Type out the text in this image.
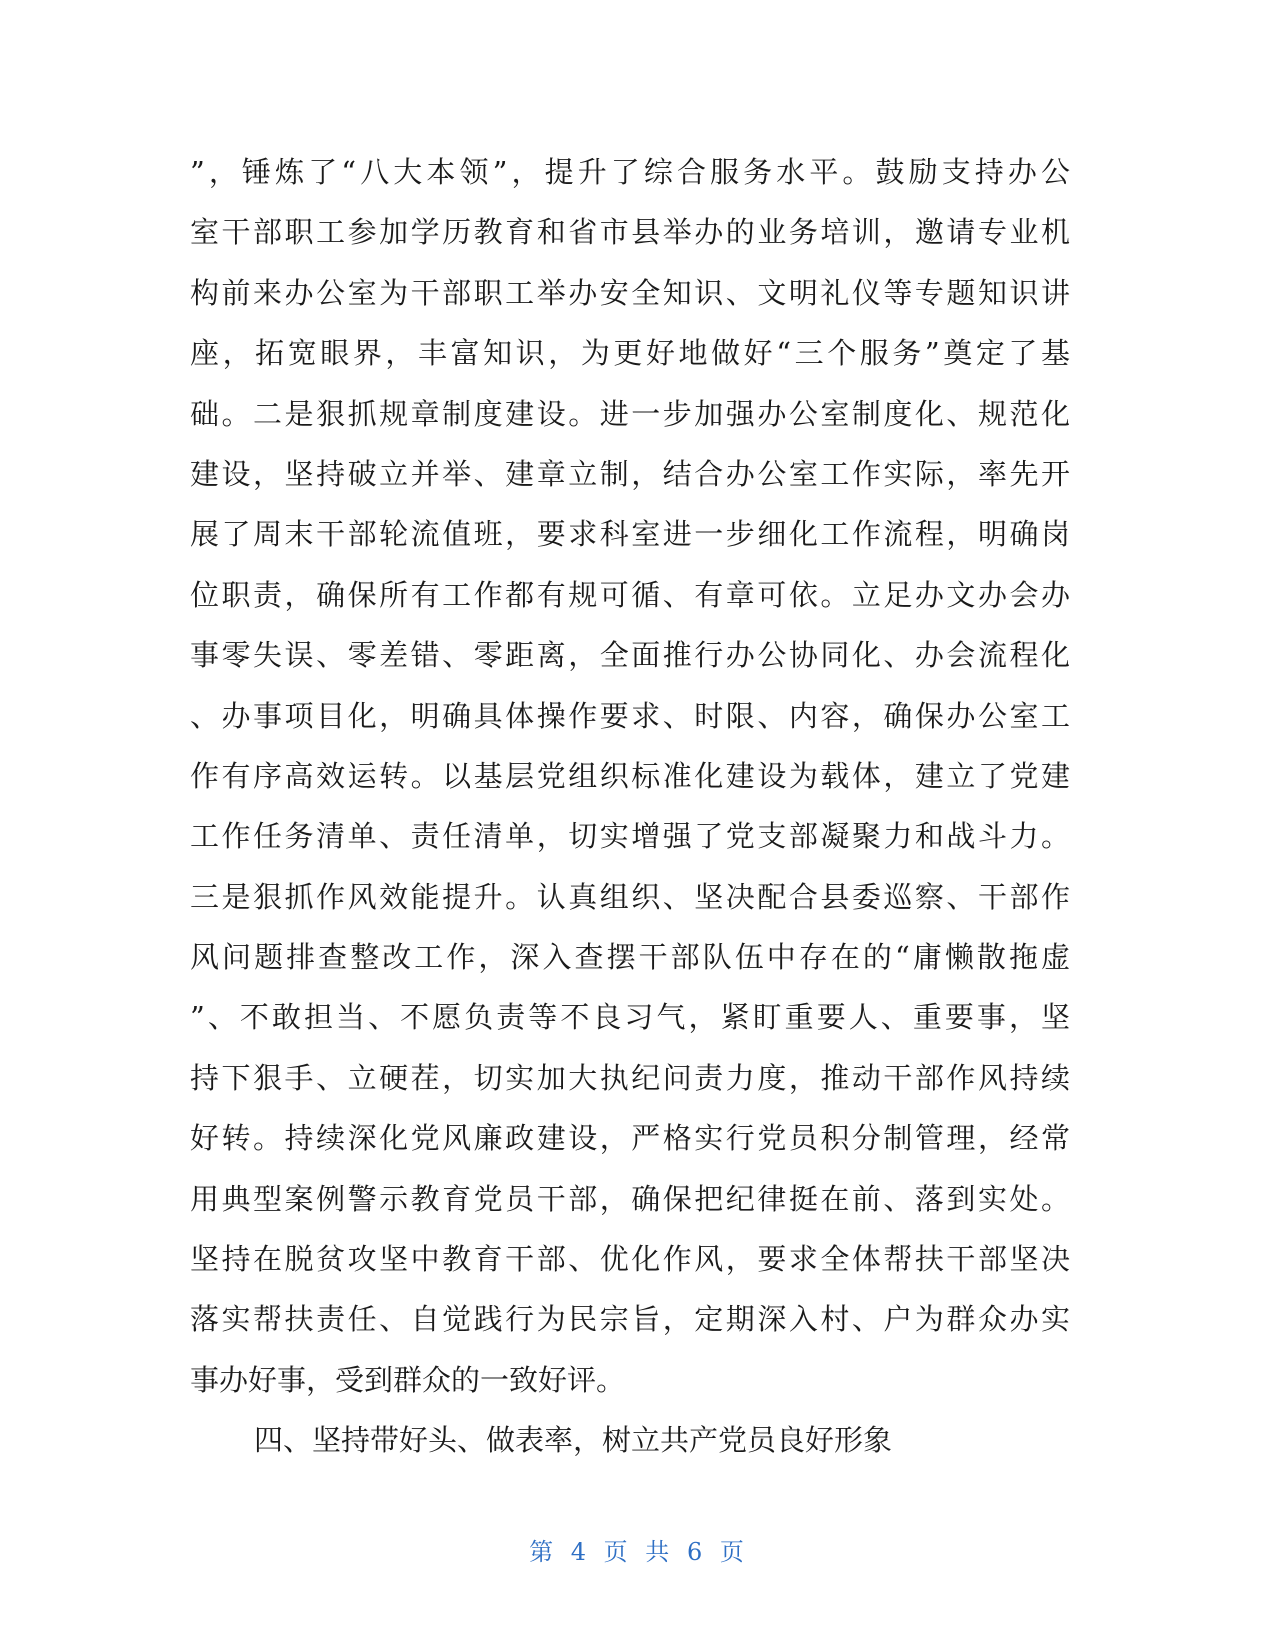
”，锤炼了“八大本领”，提升了综合服务水平。鼓励支持办公
室干部职工参加学历教育和省市县举办的业务培训，邀请专业机
构前来办公室为干部职工举办安全知识、文明礼仪等专题知识讲
座，拓宽眼界，丰富知识，为更好地做好“三个服务”奠定了基
础。二是狠抓规章制度建设。进一步加强办公室制度化、规范化
建设，坚持破立并举、建章立制，结合办公室工作实际，率先开
展了周末干部轮流值班，要求科室进一步细化工作流程，明确岗
位职责，确保所有工作都有规可循、有章可依。立足办文办会办
事零失误、零差错、零距离，全面推行办公协同化、办会流程化
、办事项目化，明确具体操作要求、时限、内容，确保办公室工
作有序高效运转。以基层党组织标准化建设为载体，建立了党建
工作任务清单、责任清单，切实增强了党支部凝聚力和战斗力。
三是狠抓作风效能提升。认真组织、坚决配合县委巡察、干部作
风问题排查整改工作，深入查摆干部队伍中存在的“庸懒散拖虚
”、不敢担当、不愿负责等不良习气，紧盯重要人、重要事，坚
持下狠手、立硬茬，切实加大执纪问责力度，推动干部作风持续
好转。持续深化党风廉政建设，严格实行党员积分制管理，经常
用典型案例警示教育党员干部，确保把纪律挺在前、落到实处。
坚持在脱贫攻坚中教育干部、优化作风，要求全体帮扶干部坚决
落实帮扶责任、自觉践行为民宗旨，定期深入村、户为群众办实
事办好事，受到群众的一致好评。
四、坚持带好头、做表率，树立共产党员良好形象
第 4 页 共 6 页
